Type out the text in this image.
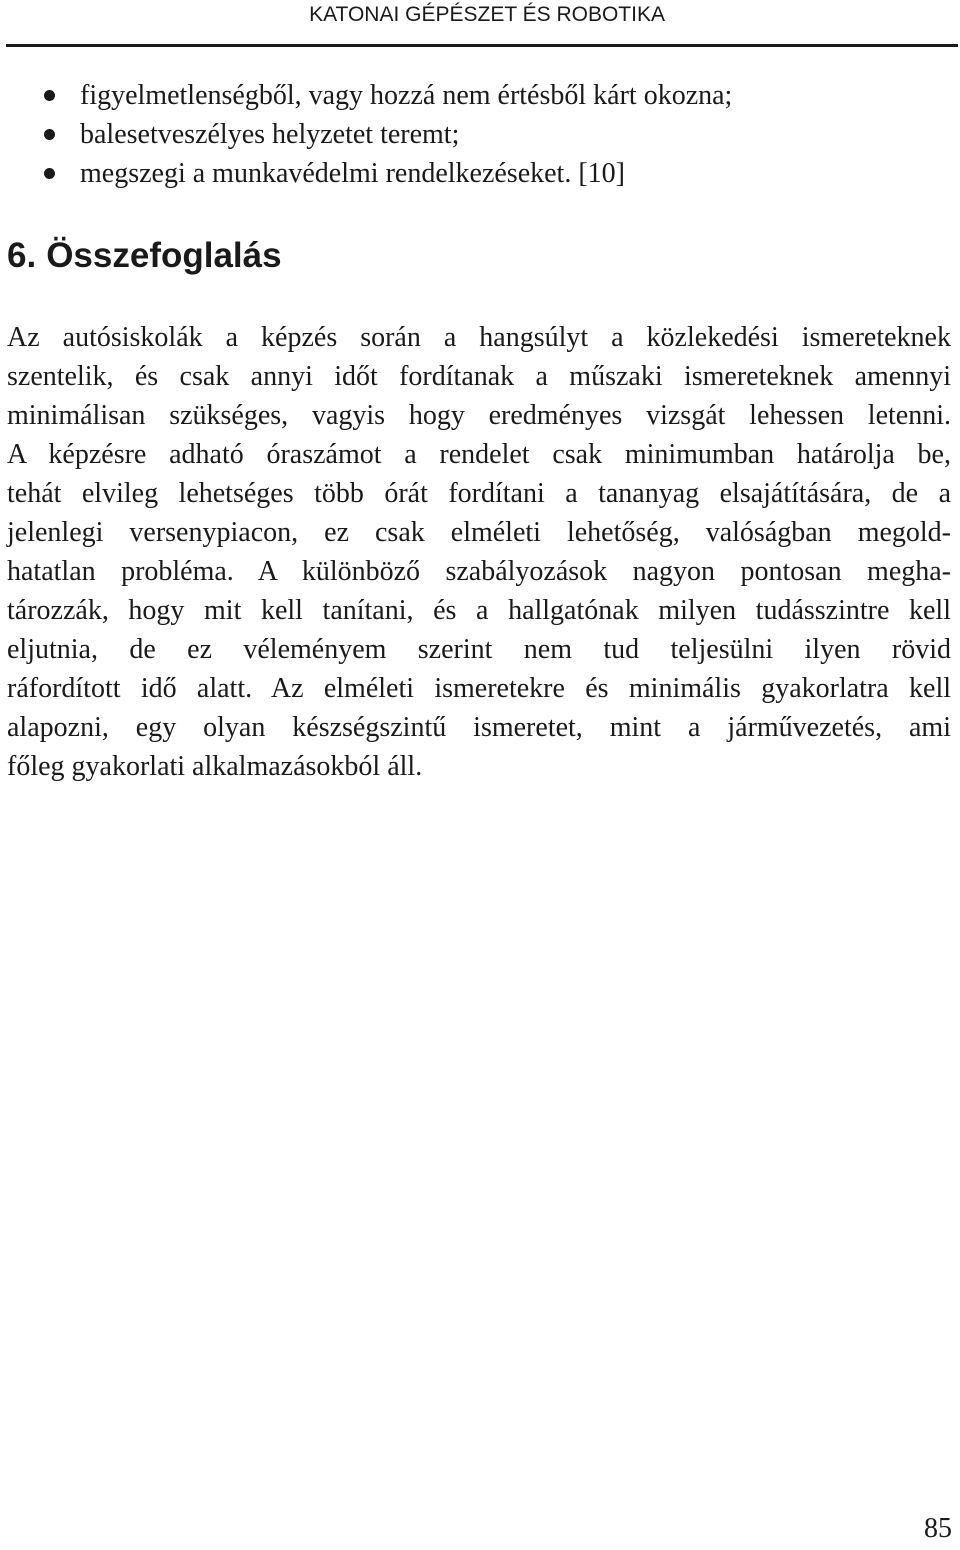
KATONAI GÉPÉSZET ÉS ROBOTIKA
figyelmetlenségből, vagy hozzá nem értésből kárt okozna;
balesetveszélyes helyzetet teremt;
megszegi a munkavédelmi rendelkezéseket. [10]
6. Összefoglalás
Az autósiskolák a képzés során a hangsúlyt a közlekedési ismereteknek
szentelik, és csak annyi időt fordítanak a műszaki ismereteknek amennyi
minimálisan szükséges, vagyis hogy eredményes vizsgát lehessen letenni.
A képzésre adható óraszámot a rendelet csak minimumban határolja be,
tehát elvileg lehetséges több órát fordítani a tananyag elsajátítására, de a
jelenlegi versenypiacon, ez csak elméleti lehetőség, valóságban megold-
hatatlan probléma. A különböző szabályozások nagyon pontosan megha-
tározzák, hogy mit kell tanítani, és a hallgatónak milyen tudásszintre kell
eljutnia, de ez véleményem szerint nem tud teljesülni ilyen rövid
ráfordított idő alatt. Az elméleti ismeretekre és minimális gyakorlatra kell
alapozni, egy olyan készségszintű ismeretet, mint a járművezetés, ami
főleg gyakorlati alkalmazásokból áll.
85
